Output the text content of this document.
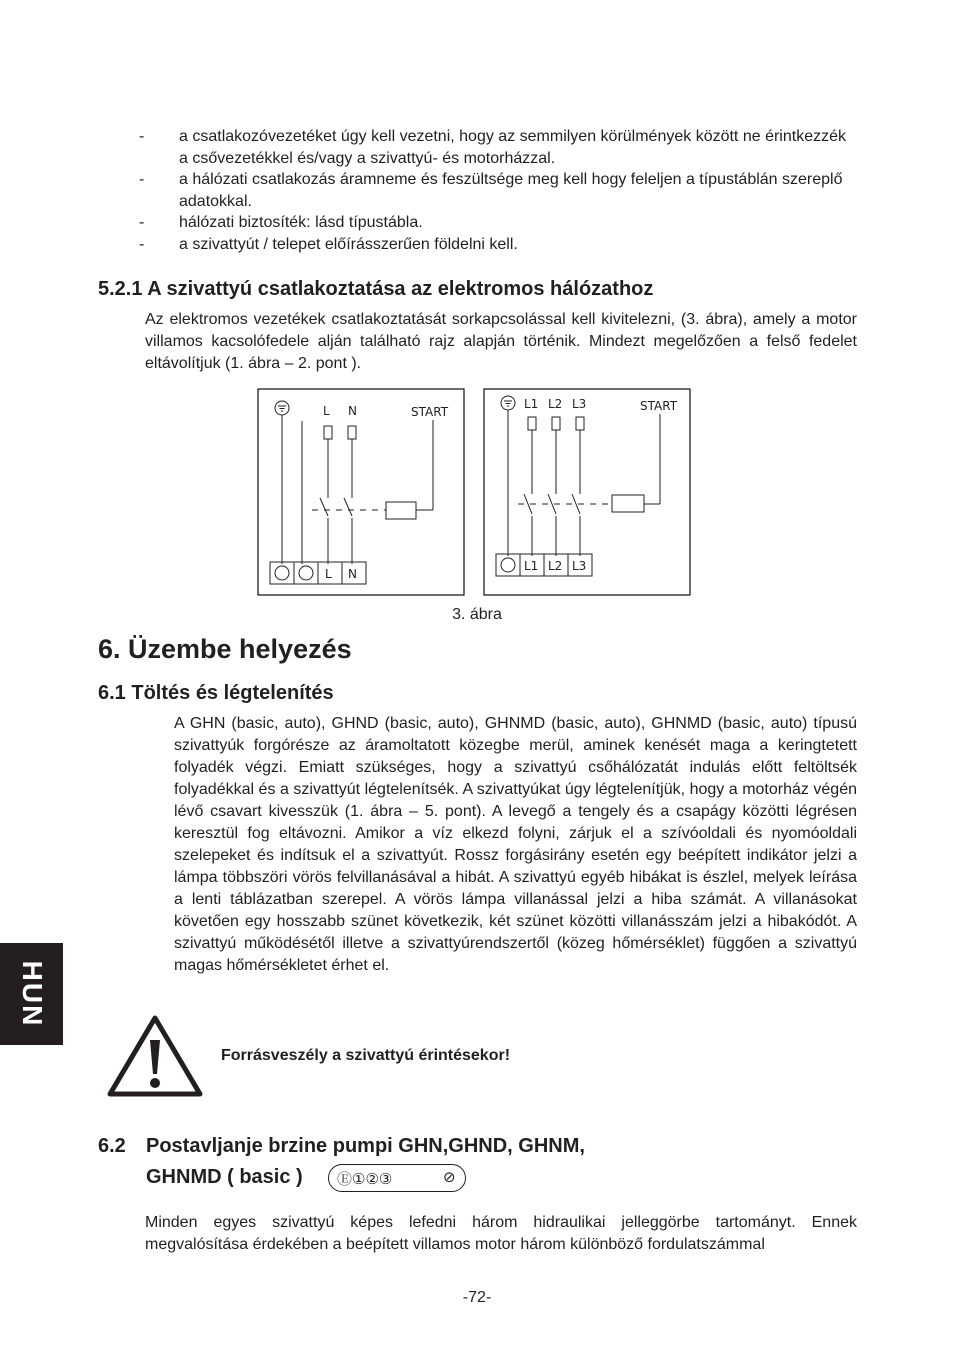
- a csatlakozóvezetéket úgy kell vezetni, hogy az semmilyen körülmények között ne érintkezzék a csővezetékkel és/vagy a szivattyú- és motorházzal.
- a hálózati csatlakozás áramneme és feszültsége meg kell hogy feleljen a típustáblán szereplő adatokkal.
- hálózati biztosíték: lásd típustábla.
- a szivattyút / telepet előírásszerűen földelni kell.
5.2.1 A szivattyú csatlakoztatása az elektromos hálózathoz
Az elektromos vezetékek csatlakoztatását sorkapcsolással kell kivitelezni, (3. ábra), amely a motor villamos kacsolófedele alján található rajz alapján történik. Mindezt megelőzően a felső fedelet eltávolítjuk (1. ábra – 2. pont ).
L N	START
L N
L1 L2 L3	START
L1 L2 L3
3. ábra
6. Üzembe helyezés
6.1 Töltés és légtelenítés
A GHN (basic, auto), GHND (basic, auto), GHNMD (basic, auto), GHNMD (basic, auto) típusú szivattyúk forgórésze az áramoltatott közegbe merül, aminek kenését maga a keringtetett folyadék végzi. Emiatt szükséges, hogy a szivattyú csőhálózatát indulás előtt feltöltsék folyadékkal és a szivattyút légtelenítsék. A szivattyúkat úgy légtelenítjük, hogy a motorház végén lévő csavart kivesszük (1. ábra – 5. pont). A levegő a tengely és a csapágy közötti légrésen keresztül fog eltávozni. Amikor a víz elkezd folyni, zárjuk el a szívóoldali és nyomóoldali szelepeket és indítsuk el a szivattyút. Rossz forgásirány esetén egy beépített indikátor jelzi a lámpa többszöri vörös felvillanásával a hibát. A szivattyú egyéb hibákat is észlel, melyek leírása a lenti táblázatban szerepel. A vörös lámpa villanással jelzi a hiba számát. A villanásokat követően egy hosszabb szünet következik, két szünet közötti villanásszám jelzi a hibakódót. A szivattyú működésétől illetve a szivattyúrendszertől (közeg hőmérséklet) függően a szivattyú magas hőmérsékletet érhet el.
Forrásveszély a szivattyú érintésekor!
6.2 Postavljanje brzine pumpi GHN,GHND, GHNM,
GHNMD ( basic ) Ⓔ①②③	⊘
Minden egyes szivattyú képes lefedni három hidraulikai jelleggörbe tartományt. Ennek megvalósítása érdekében a beépített villamos motor három különböző fordulatszámmal
HUN
-72-
